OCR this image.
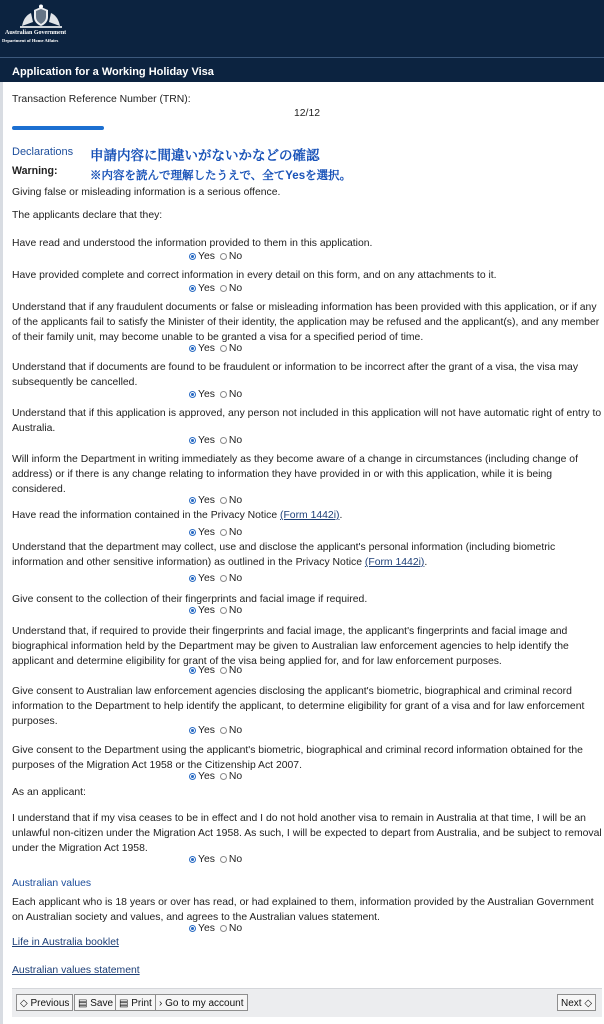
Australian Government
Department of Home Affairs
Application for a Working Holiday Visa
Transaction Reference Number (TRN):
12/12
Declarations 申請内容に間違いがないかなどの確認
Warning:	※内容を読んで理解したうえで、全てYesを選択。
Giving false or misleading information is a serious offence.
The applicants declare that they:
Have read and understood the information provided to them in this application.
Yes No
Have provided complete and correct information in every detail on this form, and on any attachments to it.
Yes No
Understand that if any fraudulent documents or false or misleading information has been provided with this application, or if any of the applicants fail to satisfy the Minister of their identity, the application may be refused and the applicant(s), and any member of their family unit, may become unable to be granted a visa for a specified period of time.
Yes No
Understand that if documents are found to be fraudulent or information to be incorrect after the grant of a visa, the visa may subsequently be cancelled.
Yes No
Understand that if this application is approved, any person not included in this application will not have automatic right of entry to Australia.
Yes No
Will inform the Department in writing immediately as they become aware of a change in circumstances (including change of address) or if there is any change relating to information they have provided in or with this application, while it is being considered.
Yes No
Have read the information contained in the Privacy Notice (Form 1442i).
Yes No
Understand that the department may collect, use and disclose the applicant's personal information (including biometric information and other sensitive information) as outlined in the Privacy Notice (Form 1442i).
Yes No
Give consent to the collection of their fingerprints and facial image if required.
Yes No
Understand that, if required to provide their fingerprints and facial image, the applicant's fingerprints and facial image and biographical information held by the Department may be given to Australian law enforcement agencies to help identify the applicant and determine eligibility for grant of the visa being applied for, and for law enforcement purposes.
Yes No
Give consent to Australian law enforcement agencies disclosing the applicant's biometric, biographical and criminal record information to the Department to help identify the applicant, to determine eligibility for grant of a visa and for law enforcement purposes.
Yes No
Give consent to the Department using the applicant's biometric, biographical and criminal record information obtained for the purposes of the Migration Act 1958 or the Citizenship Act 2007.
Yes No
As an applicant:
I understand that if my visa ceases to be in effect and I do not hold another visa to remain in Australia at that time, I will be an unlawful non-citizen under the Migration Act 1958. As such, I will be expected to depart from Australia, and be subject to removal under the Migration Act 1958.
Yes No
Australian values
Each applicant who is 18 years or over has read, or had explained to them, information provided by the Australian Government on Australian society and values, and agrees to the Australian values statement.
Yes No
Life in Australia booklet
Australian values statement
◇ Previous ▤ Save ▤ Print › Go to my account	Next ◇
